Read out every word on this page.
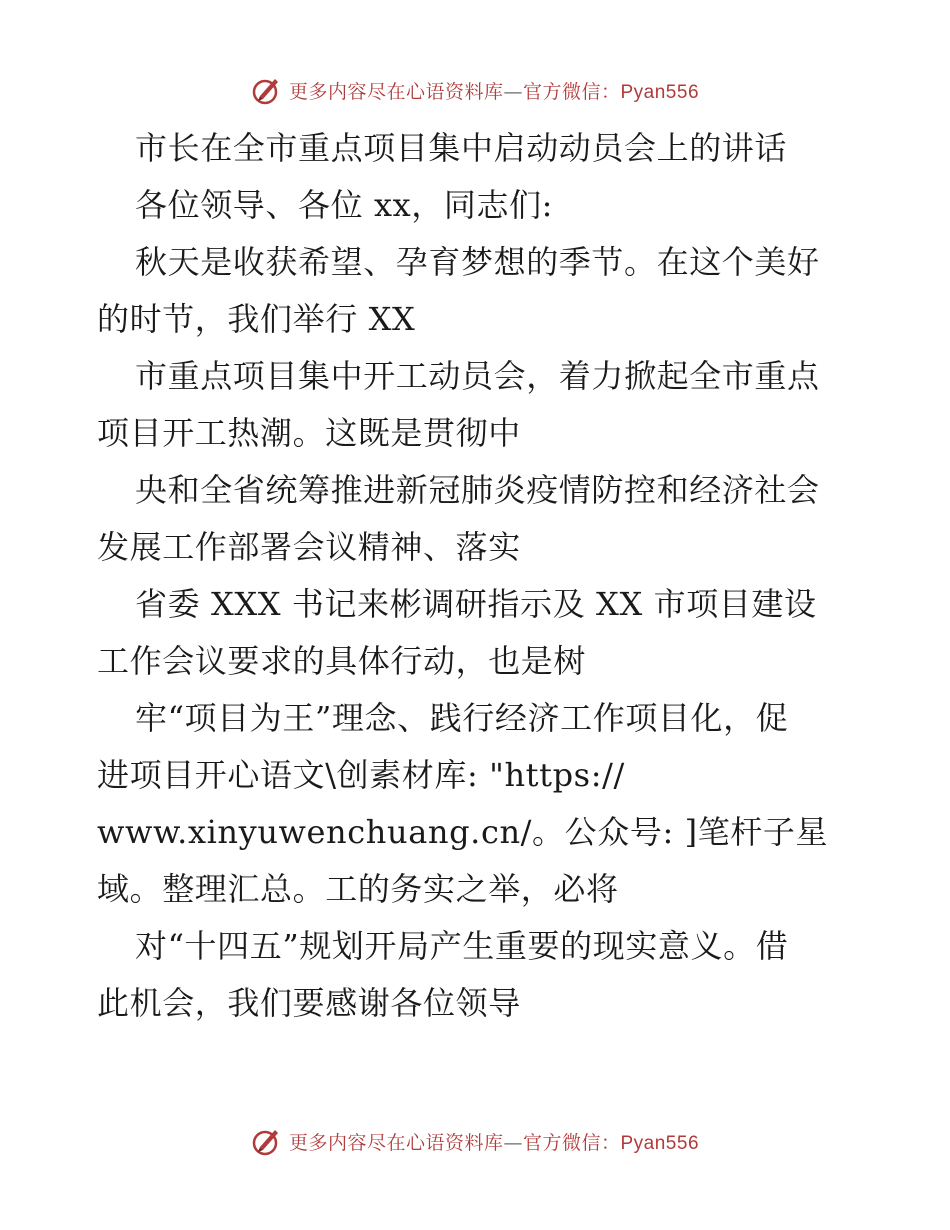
更多内容尽在心语资料库—官方微信：Pyan556
市长在全市重点项目集中启动动员会上的讲话
各位领导、各位 xx，同志们:
秋天是收获希望、孕育梦想的季节。在这个美好
的时节，我们举行 XX
市重点项目集中开工动员会，着力掀起全市重点
项目开工热潮。这既是贯彻中
央和全省统筹推进新冠肺炎疫情防控和经济社会
发展工作部署会议精神、落实
省委 XXX 书记来彬调研指示及 XX 市项目建设
工作会议要求的具体行动，也是树
牢“项目为王”理念、践行经济工作项目化，促
进项目开心语文\创素材库: "https://
www.xinyuwenchuang.cn/。公众号: ]笔杆子星
域。整理汇总。工的务实之举，必将
对“十四五”规划开局产生重要的现实意义。借
此机会，我们要感谢各位领导
更多内容尽在心语资料库—官方微信：Pyan556
